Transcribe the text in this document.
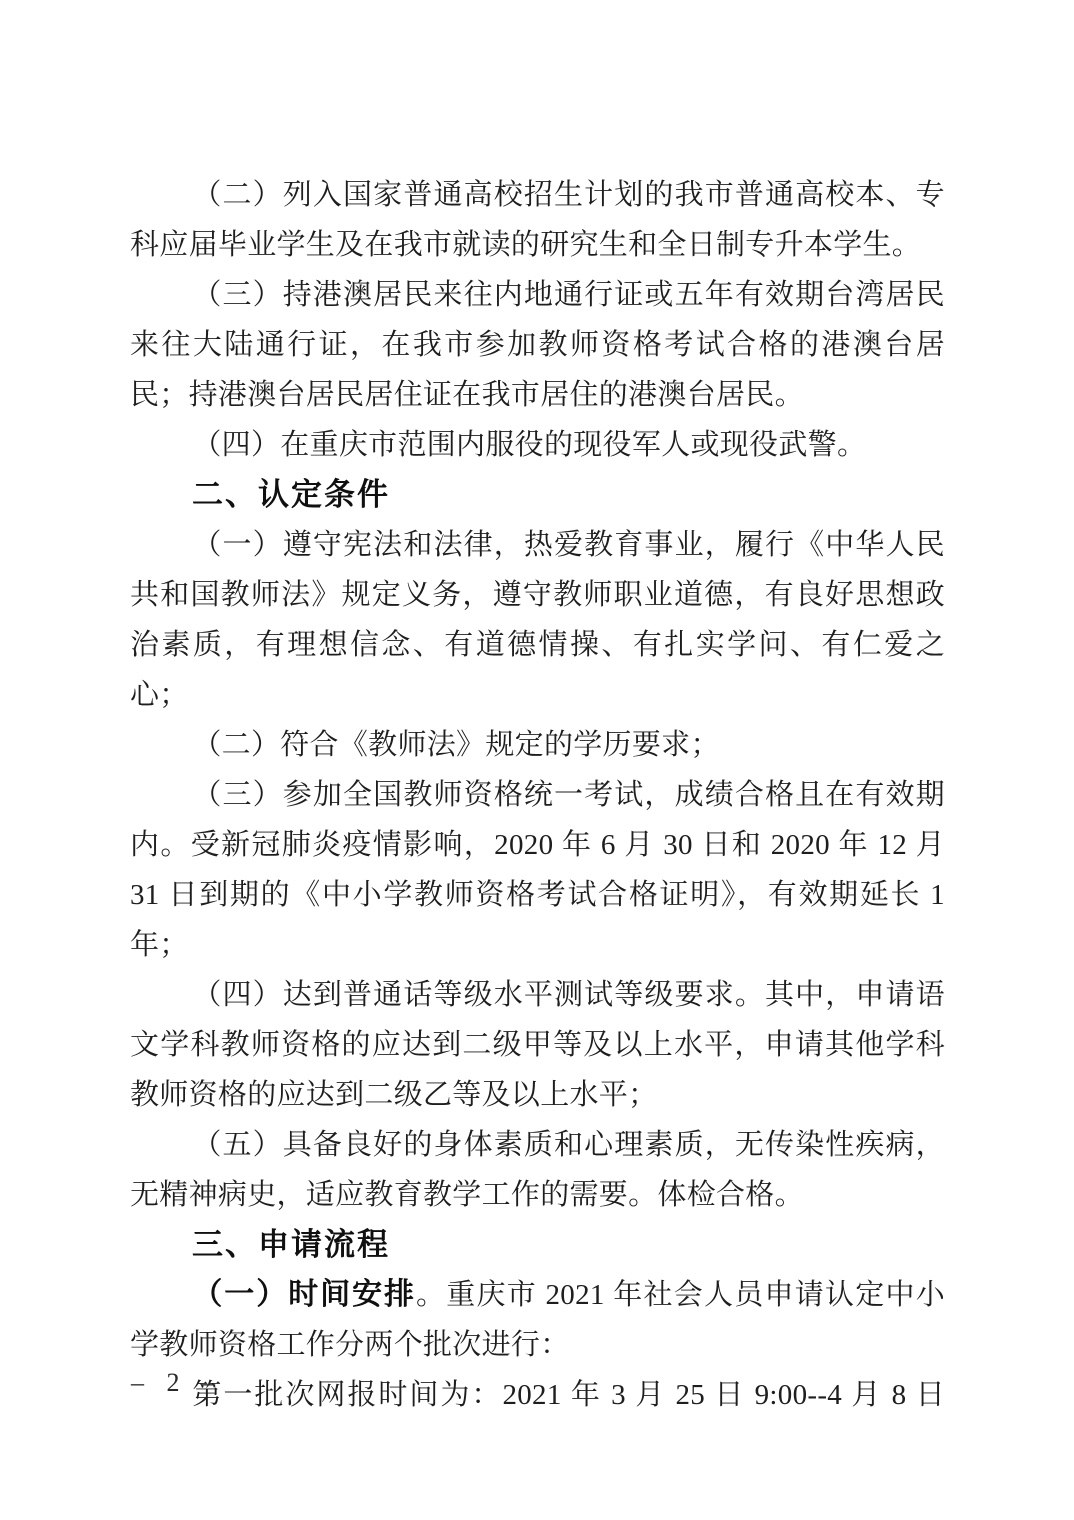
（二）列入国家普通高校招生计划的我市普通高校本、专科应届毕业学生及在我市就读的研究生和全日制专升本学生。

（三）持港澳居民来往内地通行证或五年有效期台湾居民来往大陆通行证，在我市参加教师资格考试合格的港澳台居民；持港澳台居民居住证在我市居住的港澳台居民。

（四）在重庆市范围内服役的现役军人或现役武警。

二、认定条件

（一）遵守宪法和法律，热爱教育事业，履行《中华人民共和国教师法》规定义务，遵守教师职业道德，有良好思想政治素质，有理想信念、有道德情操、有扎实学问、有仁爱之心；

（二）符合《教师法》规定的学历要求；

（三）参加全国教师资格统一考试，成绩合格且在有效期内。受新冠肺炎疫情影响，2020 年 6 月 30 日和 2020 年 12 月 31 日到期的《中小学教师资格考试合格证明》，有效期延长 1 年；

（四）达到普通话等级水平测试等级要求。其中，申请语文学科教师资格的应达到二级甲等及以上水平，申请其他学科教师资格的应达到二级乙等及以上水平；

（五）具备良好的身体素质和心理素质，无传染性疾病，无精神病史，适应教育教学工作的需要。体检合格。

三、申请流程

（一）时间安排。重庆市 2021 年社会人员申请认定中小学教师资格工作分两个批次进行：

第一批次网报时间为：2021 年 3 月 25 日 9:00--4 月 8 日

– 2 –
